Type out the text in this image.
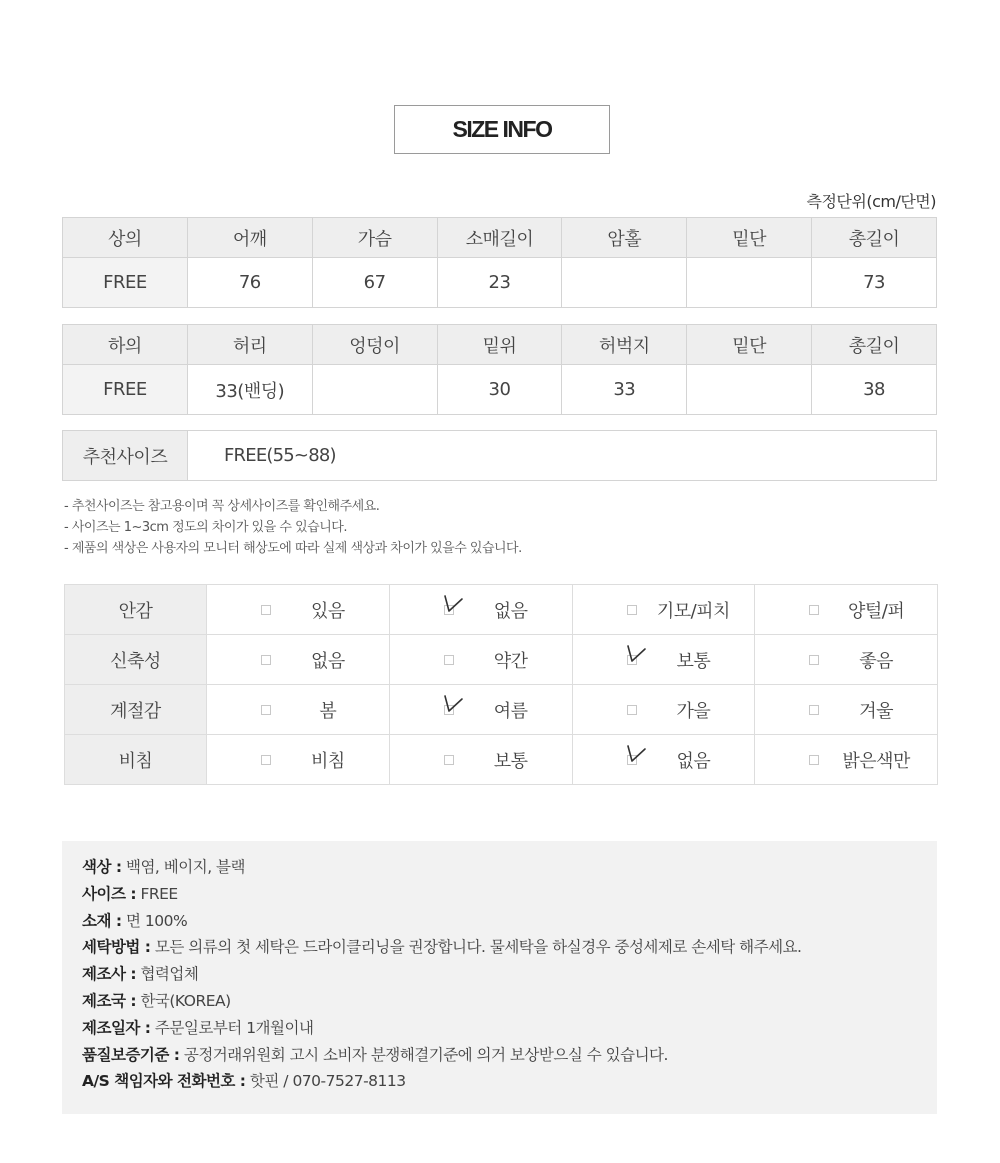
SIZE INFO
측정단위(cm/단면)
상의	어깨	가슴	소매길이	암홀	밑단	총길이
FREE	76	67	23			73
하의	허리	엉덩이	밑위	허벅지	밑단	총길이
FREE	33(밴딩)		30	33		38
추천사이즈	FREE(55~88)
- 추천사이즈는 참고용이며 꼭 상세사이즈를 확인해주세요.
- 사이즈는 1~3cm 정도의 차이가 있을 수 있습니다.
- 제품의 색상은 사용자의 모니터 해상도에 따라 실제 색상과 차이가 있을수 있습니다.
안감	있음	없음	기모/피치	양털/퍼

신축성	없음	약간	보통	좋음

계절감	봄	여름	가을	겨울

비침	비침	보통	없음	밝은색만
색상 : 백염, 베이지, 블랙
사이즈 : FREE
소재 : 면 100%
세탁방법 : 모든 의류의 첫 세탁은 드라이클리닝을 권장합니다. 물세탁을 하실경우 중성세제로 손세탁 해주세요.
제조사 : 협력업체
제조국 : 한국(KOREA)
제조일자 : 주문일로부터 1개월이내
품질보증기준 : 공정거래위원회 고시 소비자 분쟁해결기준에 의거 보상받으실 수 있습니다.
A/S 책임자와 전화번호 : 핫핀 / 070-7527-8113
